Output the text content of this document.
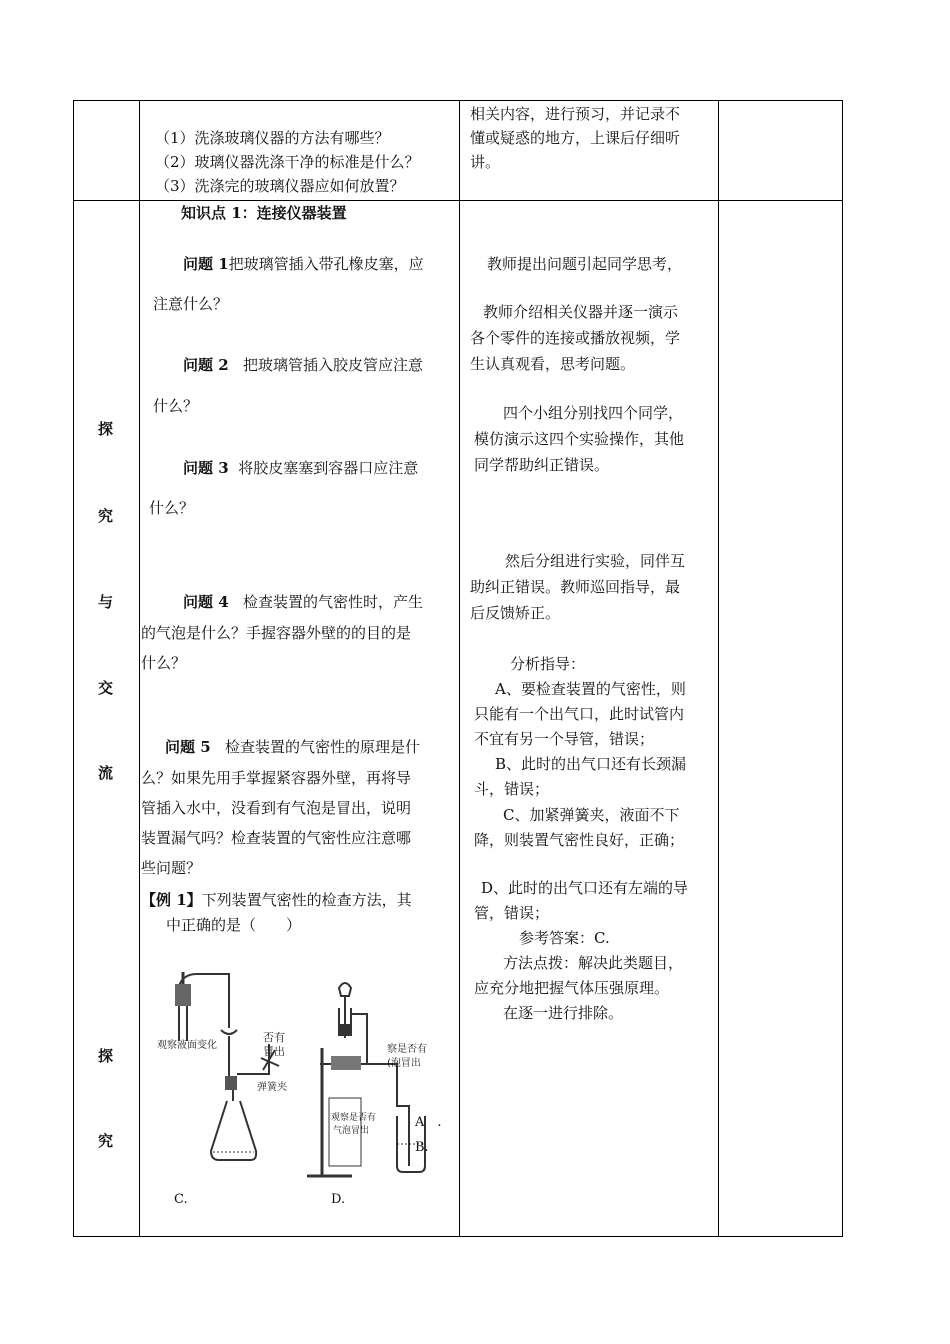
（1）洗涤玻璃仪器的方法有哪些？
（2）玻璃仪器洗涤干净的标准是什么？
（3）洗涤完的玻璃仪器应如何放置？
相关内容，进行预习，并记录不
懂或疑惑的地方，上课后仔细听
讲。
探
究
与
交
流
探
究
知识点 1：连接仪器装置
问题 1把玻璃管插入带孔橡皮塞，应
注意什么？
问题 2 把玻璃管插入胶皮管应注意
什么？
问题 3 将胶皮塞塞到容器口应注意
什么？
问题 4 检查装置的气密性时，产生
的气泡是什么？手握容器外壁的的目的是
什么？
问题 5 检查装置的气密性的原理是什
么？如果先用手掌握紧容器外壁，再将导
管插入水中，没看到有气泡是冒出，说明
装置漏气吗？检查装置的气密性应注意哪
些问题？
【例 1】下列装置气密性的检查方法，其
中正确的是（　　）
观察液面变化
弹簧夹
否有
冒出	察是否有
(泡冒出
观察是否有
气泡冒出
A　.
B.
C.	D.
教师提出问题引起同学思考，
教师介绍相关仪器并逐一演示
各个零件的连接或播放视频，学
生认真观看，思考问题。
四个小组分别找四个同学，
模仿演示这四个实验操作，其他
同学帮助纠正错误。
然后分组进行实验，同伴互
助纠正错误。教师巡回指导，最
后反馈矫正。
分析指导：
A、要检查装置的气密性，则
只能有一个出气口，此时试管内
不宜有另一个导管，错误；
B、此时的出气口还有长颈漏
斗，错误；
C、加紧弹簧夹，液面不下
降，则装置气密性良好，正确；
D、此时的出气口还有左端的导
管，错误；
参考答案：C.
方法点拨：解决此类题目，
应充分地把握气体压强原理。
在逐一进行排除。
